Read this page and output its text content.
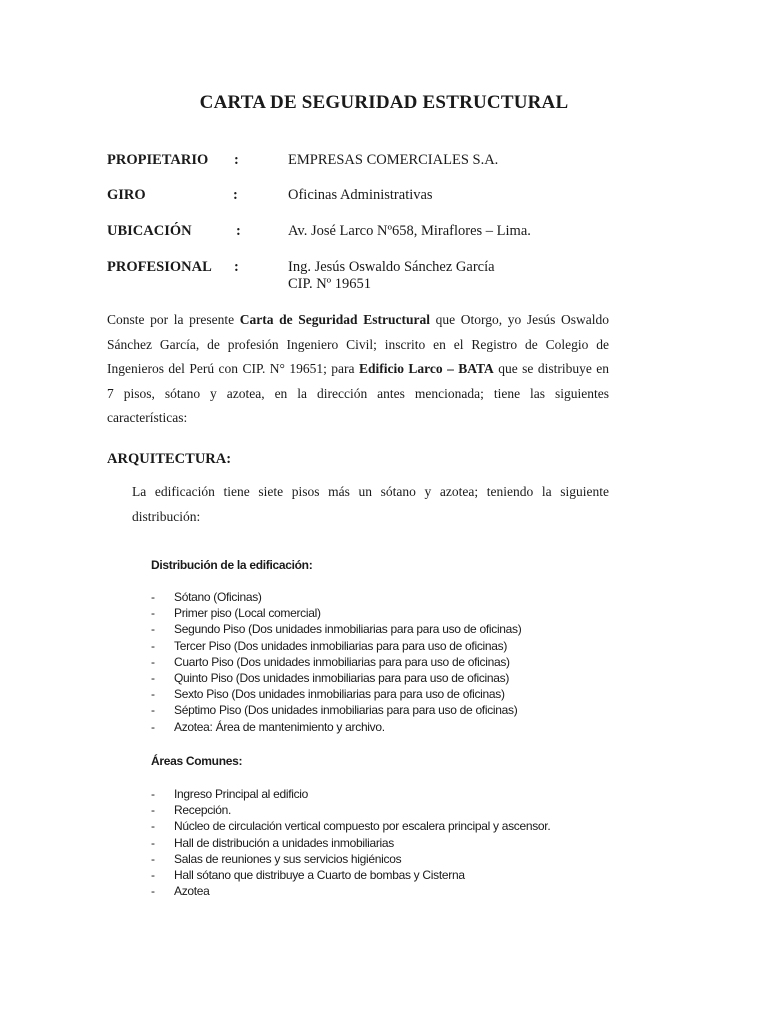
CARTA DE SEGURIDAD ESTRUCTURAL
PROPIETARIO :	EMPRESAS COMERCIALES S.A.
GIRO	:	Oficinas Administrativas
UBICACIÓN	:	Av. José Larco Nº658, Miraflores – Lima.
PROFESIONAL :	Ing. Jesús Oswaldo Sánchez García
CIP. Nº 19651
Conste por la presente Carta de Seguridad Estructural que Otorgo, yo Jesús Oswaldo
Sánchez García, de profesión Ingeniero Civil; inscrito en el Registro de Colegio de
Ingenieros del Perú con CIP. N° 19651; para Edificio Larco – BATA que se distribuye en
7 pisos, sótano y azotea, en la dirección antes mencionada; tiene las siguientes
características:
ARQUITECTURA:
La edificación tiene siete pisos más un sótano y azotea; teniendo la siguiente
distribución:
Distribución de la edificación:
- Sótano (Oficinas)
- Primer piso (Local comercial)
- Segundo Piso (Dos unidades inmobiliarias para para uso de oficinas)
- Tercer Piso (Dos unidades inmobiliarias para para uso de oficinas)
- Cuarto Piso (Dos unidades inmobiliarias para para uso de oficinas)
- Quinto Piso (Dos unidades inmobiliarias para para uso de oficinas)
- Sexto Piso (Dos unidades inmobiliarias para para uso de oficinas)
- Séptimo Piso (Dos unidades inmobiliarias para para uso de oficinas)
- Azotea: Área de mantenimiento y archivo.
Áreas Comunes:
- Ingreso Principal al edificio
- Recepción.
- Núcleo de circulación vertical compuesto por escalera principal y ascensor.
- Hall de distribución a unidades inmobiliarias
- Salas de reuniones y sus servicios higiénicos
- Hall sótano que distribuye a Cuarto de bombas y Cisterna
- Azotea
